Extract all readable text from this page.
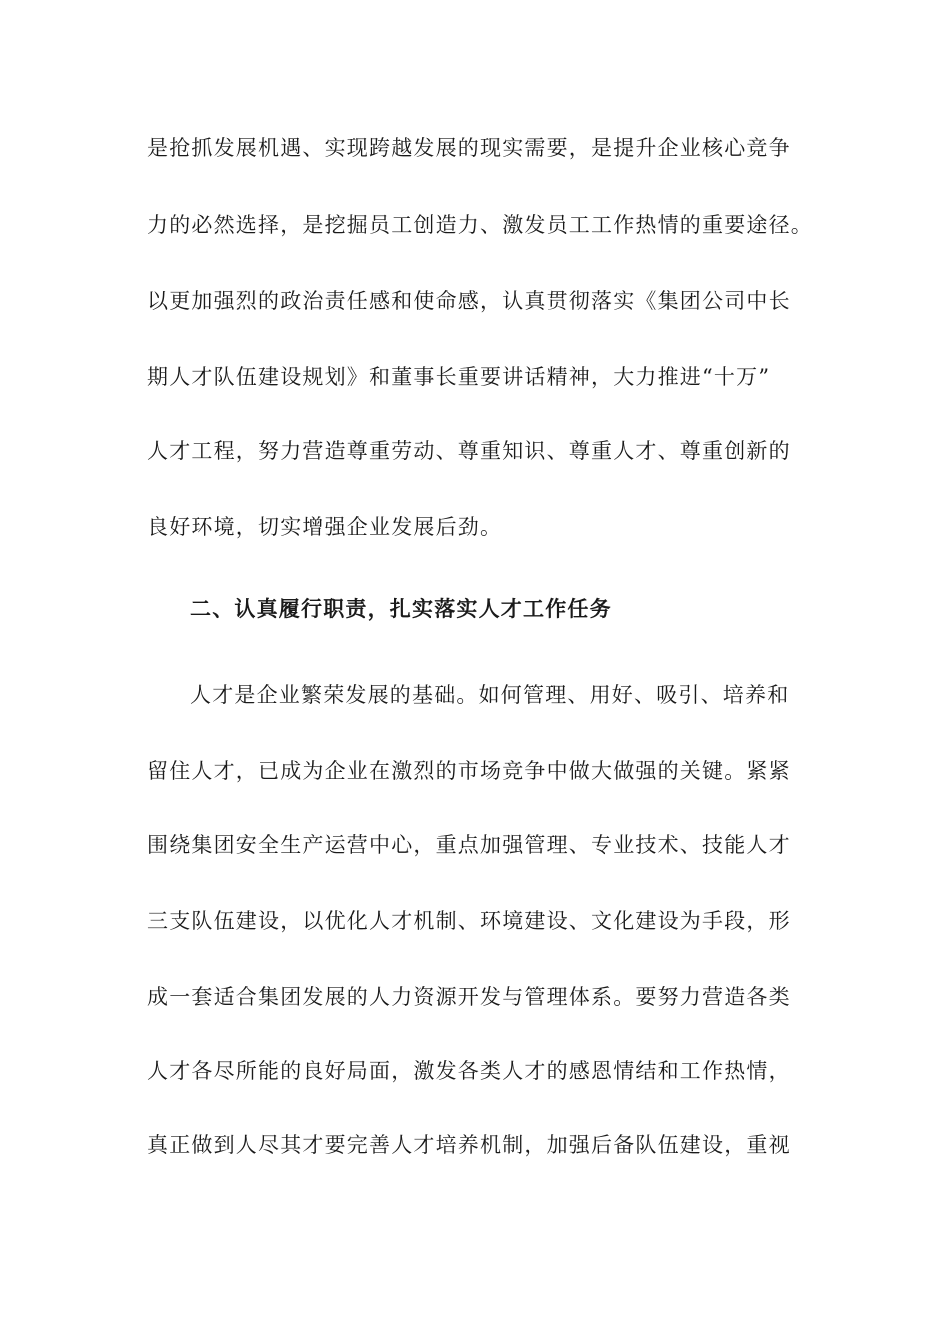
是抢抓发展机遇、实现跨越发展的现实需要，是提升企业核心竞争
力的必然选择，是挖掘员工创造力、激发员工工作热情的重要途径。
以更加强烈的政治责任感和使命感，认真贯彻落实《集团公司中长
期人才队伍建设规划》和董事长重要讲话精神，大力推进“十万”
人才工程，努力营造尊重劳动、尊重知识、尊重人才、尊重创新的
良好环境，切实增强企业发展后劲。
二、认真履行职责，扎实落实人才工作任务
人才是企业繁荣发展的基础。如何管理、用好、吸引、培养和
留住人才，已成为企业在激烈的市场竞争中做大做强的关键。紧紧
围绕集团安全生产运营中心，重点加强管理、专业技术、技能人才
三支队伍建设，以优化人才机制、环境建设、文化建设为手段，形
成一套适合集团发展的人力资源开发与管理体系。要努力营造各类
人才各尽所能的良好局面，激发各类人才的感恩情结和工作热情，
真正做到人尽其才要完善人才培养机制，加强后备队伍建设，重视
